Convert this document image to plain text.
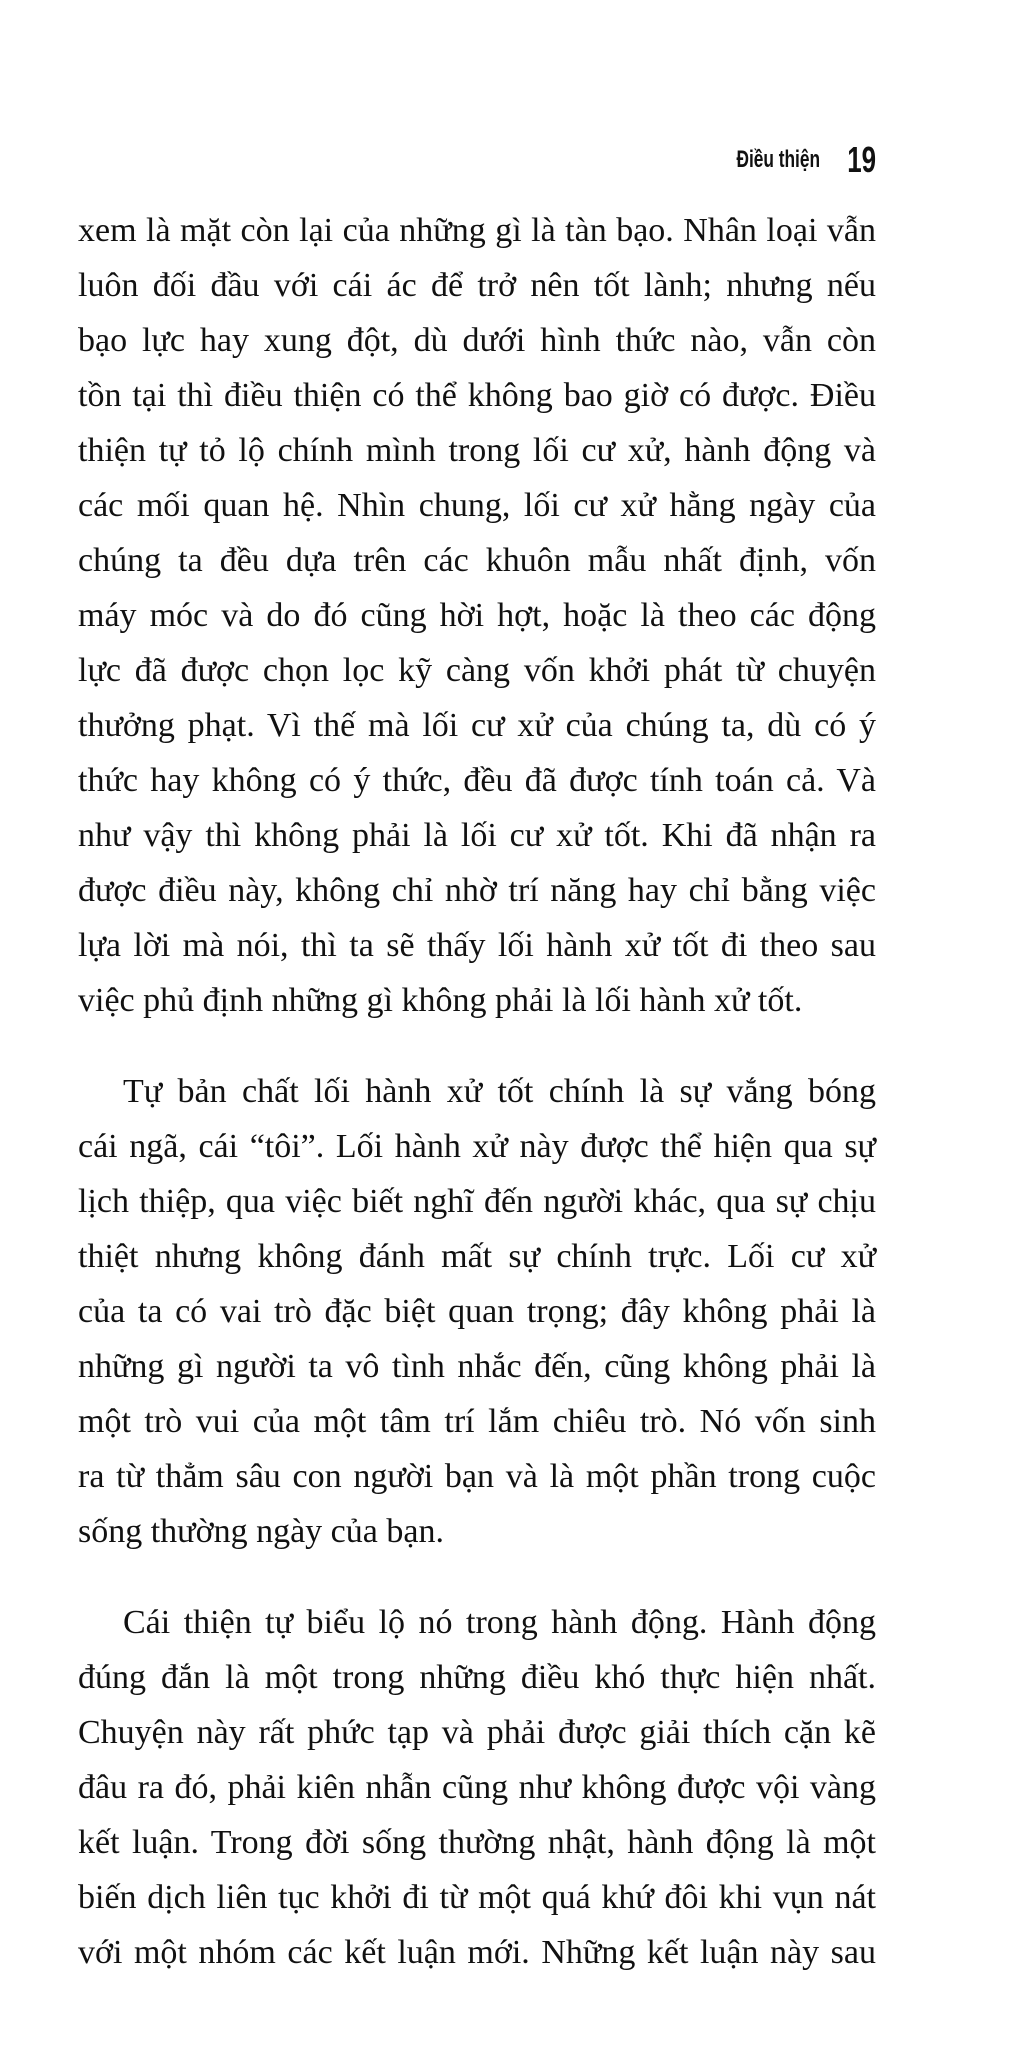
Điều thiện 19
xem là mặt còn lại của những gì là tàn bạo. Nhân loại vẫn
luôn đối đầu với cái ác để trở nên tốt lành; nhưng nếu
bạo lực hay xung đột, dù dưới hình thức nào, vẫn còn
tồn tại thì điều thiện có thể không bao giờ có được. Điều
thiện tự tỏ lộ chính mình trong lối cư xử, hành động và
các mối quan hệ. Nhìn chung, lối cư xử hằng ngày của
chúng ta đều dựa trên các khuôn mẫu nhất định, vốn
máy móc và do đó cũng hời hợt, hoặc là theo các động
lực đã được chọn lọc kỹ càng vốn khởi phát từ chuyện
thưởng phạt. Vì thế mà lối cư xử của chúng ta, dù có ý
thức hay không có ý thức, đều đã được tính toán cả. Và
như vậy thì không phải là lối cư xử tốt. Khi đã nhận ra
được điều này, không chỉ nhờ trí năng hay chỉ bằng việc
lựa lời mà nói, thì ta sẽ thấy lối hành xử tốt đi theo sau
việc phủ định những gì không phải là lối hành xử tốt.
Tự bản chất lối hành xử tốt chính là sự vắng bóng
cái ngã, cái “tôi”. Lối hành xử này được thể hiện qua sự
lịch thiệp, qua việc biết nghĩ đến người khác, qua sự chịu
thiệt nhưng không đánh mất sự chính trực. Lối cư xử
của ta có vai trò đặc biệt quan trọng; đây không phải là
những gì người ta vô tình nhắc đến, cũng không phải là
một trò vui của một tâm trí lắm chiêu trò. Nó vốn sinh
ra từ thẳm sâu con người bạn và là một phần trong cuộc
sống thường ngày của bạn.
Cái thiện tự biểu lộ nó trong hành động. Hành động
đúng đắn là một trong những điều khó thực hiện nhất.
Chuyện này rất phức tạp và phải được giải thích cặn kẽ
đâu ra đó, phải kiên nhẫn cũng như không được vội vàng
kết luận. Trong đời sống thường nhật, hành động là một
biến dịch liên tục khởi đi từ một quá khứ đôi khi vụn nát
với một nhóm các kết luận mới. Những kết luận này sau
